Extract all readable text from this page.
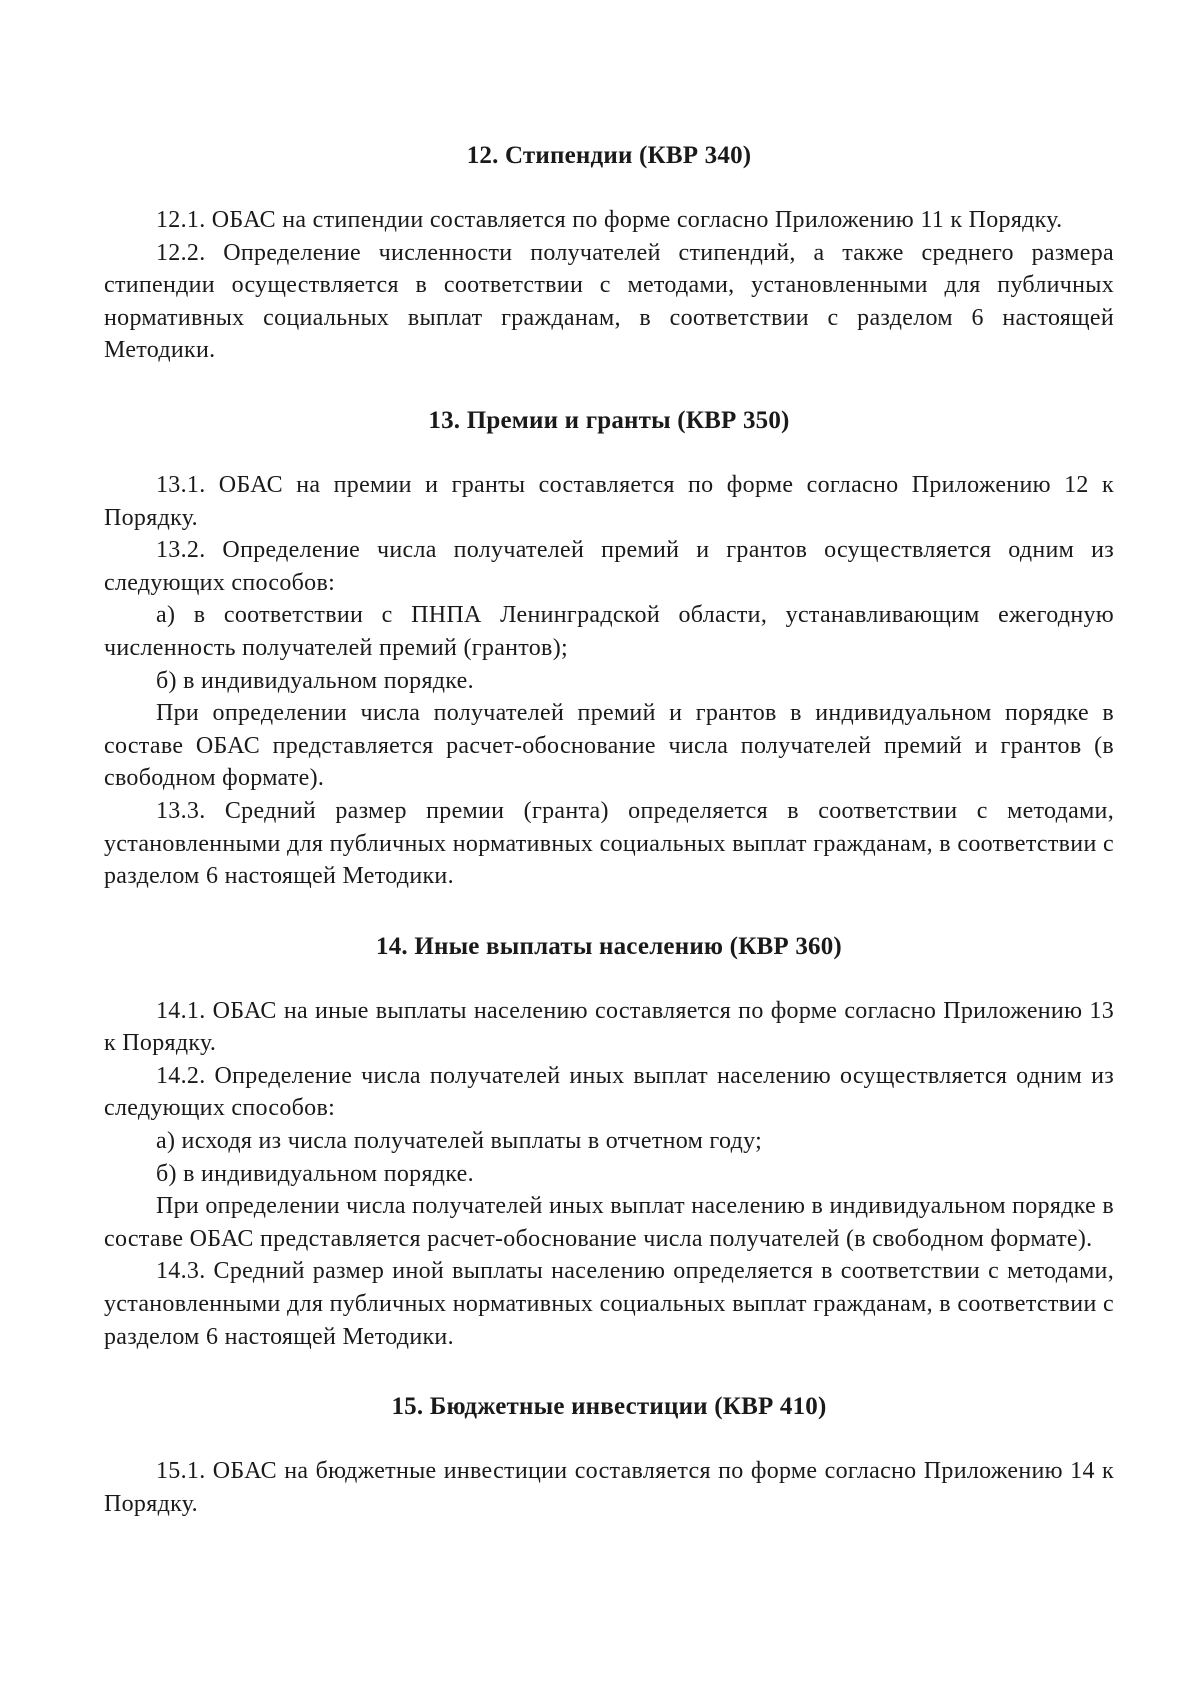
12. Стипендии (КВР 340)

12.1. ОБАС на стипендии составляется по форме согласно Приложению 11 к Порядку.

12.2. Определение численности получателей стипендий, а также среднего размера стипендии осуществляется в соответствии с методами, установленными для публичных нормативных социальных выплат гражданам, в соответствии с разделом 6 настоящей Методики.

13. Премии и гранты (КВР 350)

13.1. ОБАС на премии и гранты составляется по форме согласно Приложению 12 к Порядку.

13.2. Определение числа получателей премий и грантов осуществляется одним из следующих способов:

а) в соответствии с ПНПА Ленинградской области, устанавливающим ежегодную численность получателей премий (грантов);

б) в индивидуальном порядке.

При определении числа получателей премий и грантов в индивидуальном порядке в составе ОБАС представляется расчет-обоснование числа получателей премий и грантов (в свободном формате).

13.3. Средний размер премии (гранта) определяется в соответствии с методами, установленными для публичных нормативных социальных выплат гражданам, в соответствии с разделом 6 настоящей Методики.

14. Иные выплаты населению (КВР 360)

14.1. ОБАС на иные выплаты населению составляется по форме согласно Приложению 13 к Порядку.

14.2. Определение числа получателей иных выплат населению осуществляется одним из следующих способов:

а) исходя из числа получателей выплаты в отчетном году;

б) в индивидуальном порядке.

При определении числа получателей иных выплат населению в индивидуальном порядке в составе ОБАС представляется расчет-обоснование числа получателей (в свободном формате).

14.3. Средний размер иной выплаты населению определяется в соответствии с методами, установленными для публичных нормативных социальных выплат гражданам, в соответствии с разделом 6 настоящей Методики.

15. Бюджетные инвестиции (КВР 410)

15.1. ОБАС на бюджетные инвестиции составляется по форме согласно Приложению 14 к Порядку.
